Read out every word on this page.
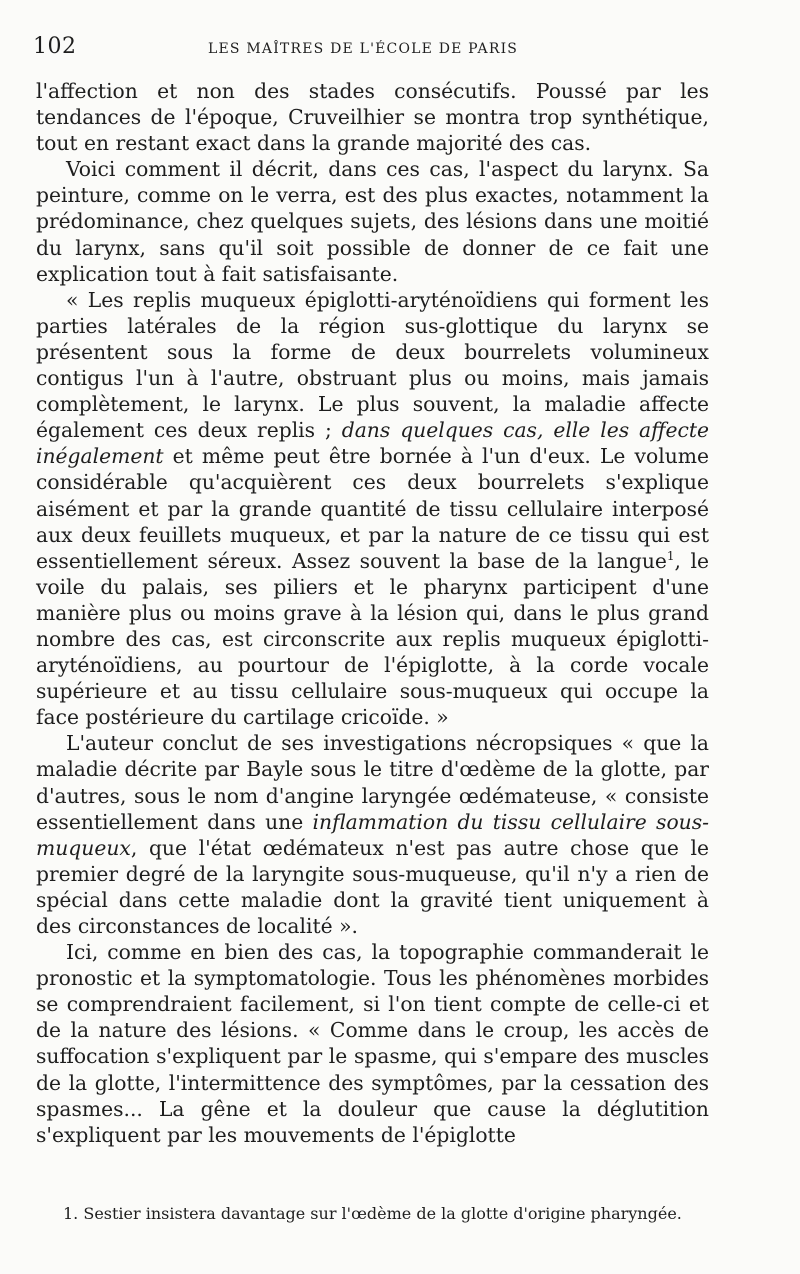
102	LES MAÎTRES DE L'ÉCOLE DE PARIS

l'affection et non des stades consécutifs. Poussé par les tendances de l'époque, Cruveilhier se montra trop synthétique, tout en restant exact dans la grande majorité des cas.

Voici comment il décrit, dans ces cas, l'aspect du larynx. Sa peinture, comme on le verra, est des plus exactes, notamment la prédominance, chez quelques sujets, des lésions dans une moitié du larynx, sans qu'il soit possible de donner de ce fait une explication tout à fait satisfaisante.

« Les replis muqueux épiglotti-aryténoïdiens qui forment les parties latérales de la région sus-glottique du larynx se présentent sous la forme de deux bourrelets volumineux contigus l'un à l'autre, obstruant plus ou moins, mais jamais complètement, le larynx. Le plus souvent, la maladie affecte également ces deux replis ; dans quelques cas, elle les affecte inégalement et même peut être bornée à l'un d'eux. Le volume considérable qu'acquièrent ces deux bourrelets s'explique aisément et par la grande quantité de tissu cellulaire interposé aux deux feuillets muqueux, et par la nature de ce tissu qui est essentiellement séreux. Assez souvent la base de la langue$^1$, le voile du palais, ses piliers et le pharynx participent d'une manière plus ou moins grave à la lésion qui, dans le plus grand nombre des cas, est circonscrite aux replis muqueux épiglotti-aryténoïdiens, au pourtour de l'épiglotte, à la corde vocale supérieure et au tissu cellulaire sous-muqueux qui occupe la face postérieure du cartilage cricoïde. »

L'auteur conclut de ses investigations nécropsiques « que la maladie décrite par Bayle sous le titre d'œdème de la glotte, par d'autres, sous le nom d'angine laryngée œdémateuse, « consiste essentiellement dans une inflammation du tissu cellulaire sous-muqueux, que l'état œdémateux n'est pas autre chose que le premier degré de la laryngite sous-muqueuse, qu'il n'y a rien de spécial dans cette maladie dont la gravité tient uniquement à des circonstances de localité ».

Ici, comme en bien des cas, la topographie commanderait le pronostic et la symptomatologie. Tous les phénomènes morbides se comprendraient facilement, si l'on tient compte de celle-ci et de la nature des lésions. « Comme dans le croup, les accès de suffocation s'expliquent par le spasme, qui s'empare des muscles de la glotte, l'intermittence des symptômes, par la cessation des spasmes... La gêne et la douleur que cause la déglutition s'expliquent par les mouvements de l'épiglotte

1. Sestier insistera davantage sur l'œdème de la glotte d'origine pharyngée.
